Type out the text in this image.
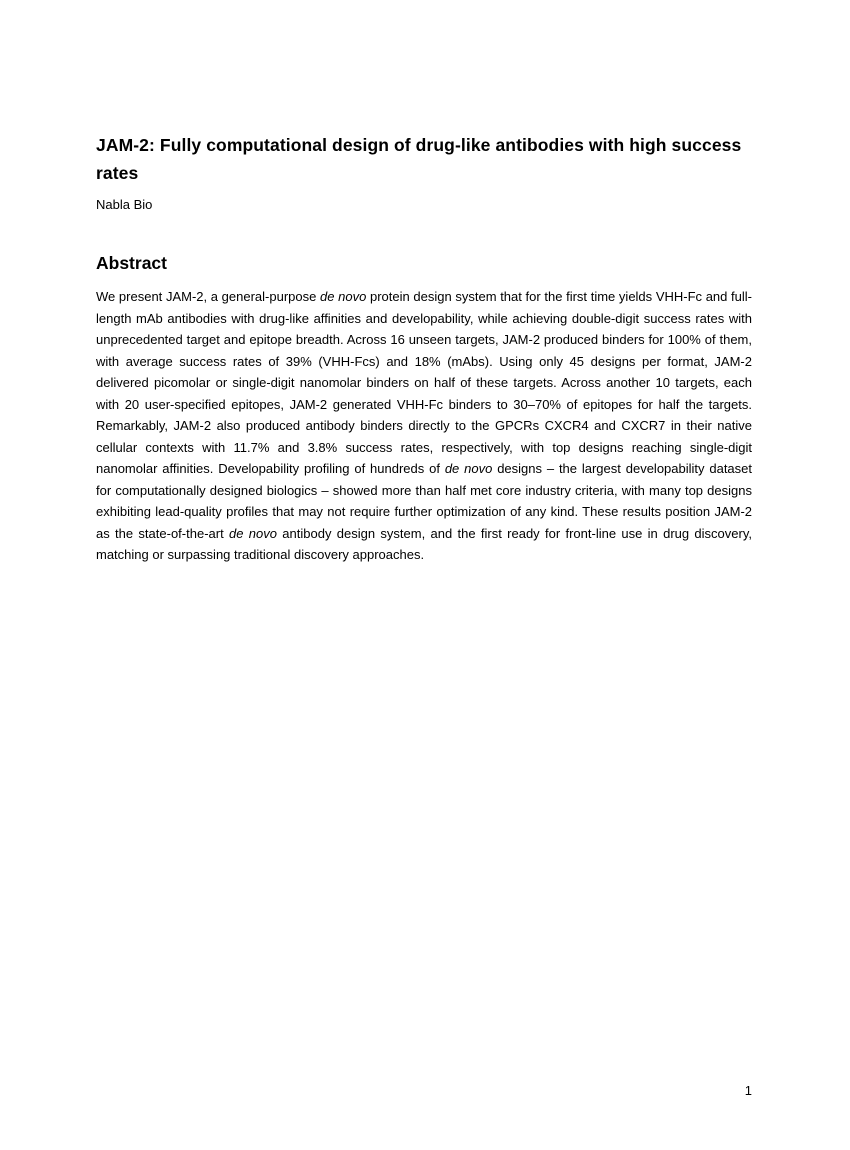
JAM-2: Fully computational design of drug-like antibodies with high success rates

Nabla Bio

Abstract

We present JAM-2, a general-purpose de novo protein design system that for the first time yields VHH-Fc and full-length mAb antibodies with drug-like affinities and developability, while achieving double-digit success rates with unprecedented target and epitope breadth. Across 16 unseen targets, JAM-2 produced binders for 100% of them, with average success rates of 39% (VHH-Fcs) and 18% (mAbs). Using only 45 designs per format, JAM-2 delivered picomolar or single-digit nanomolar binders on half of these targets. Across another 10 targets, each with 20 user-specified epitopes, JAM-2 generated VHH-Fc binders to 30–70% of epitopes for half the targets. Remarkably, JAM-2 also produced antibody binders directly to the GPCRs CXCR4 and CXCR7 in their native cellular contexts with 11.7% and 3.8% success rates, respectively, with top designs reaching single-digit nanomolar affinities. Developability profiling of hundreds of de novo designs – the largest developability dataset for computationally designed biologics – showed more than half met core industry criteria, with many top designs exhibiting lead-quality profiles that may not require further optimization of any kind. These results position JAM-2 as the state-of-the-art de novo antibody design system, and the first ready for front-line use in drug discovery, matching or surpassing traditional discovery approaches.

1
